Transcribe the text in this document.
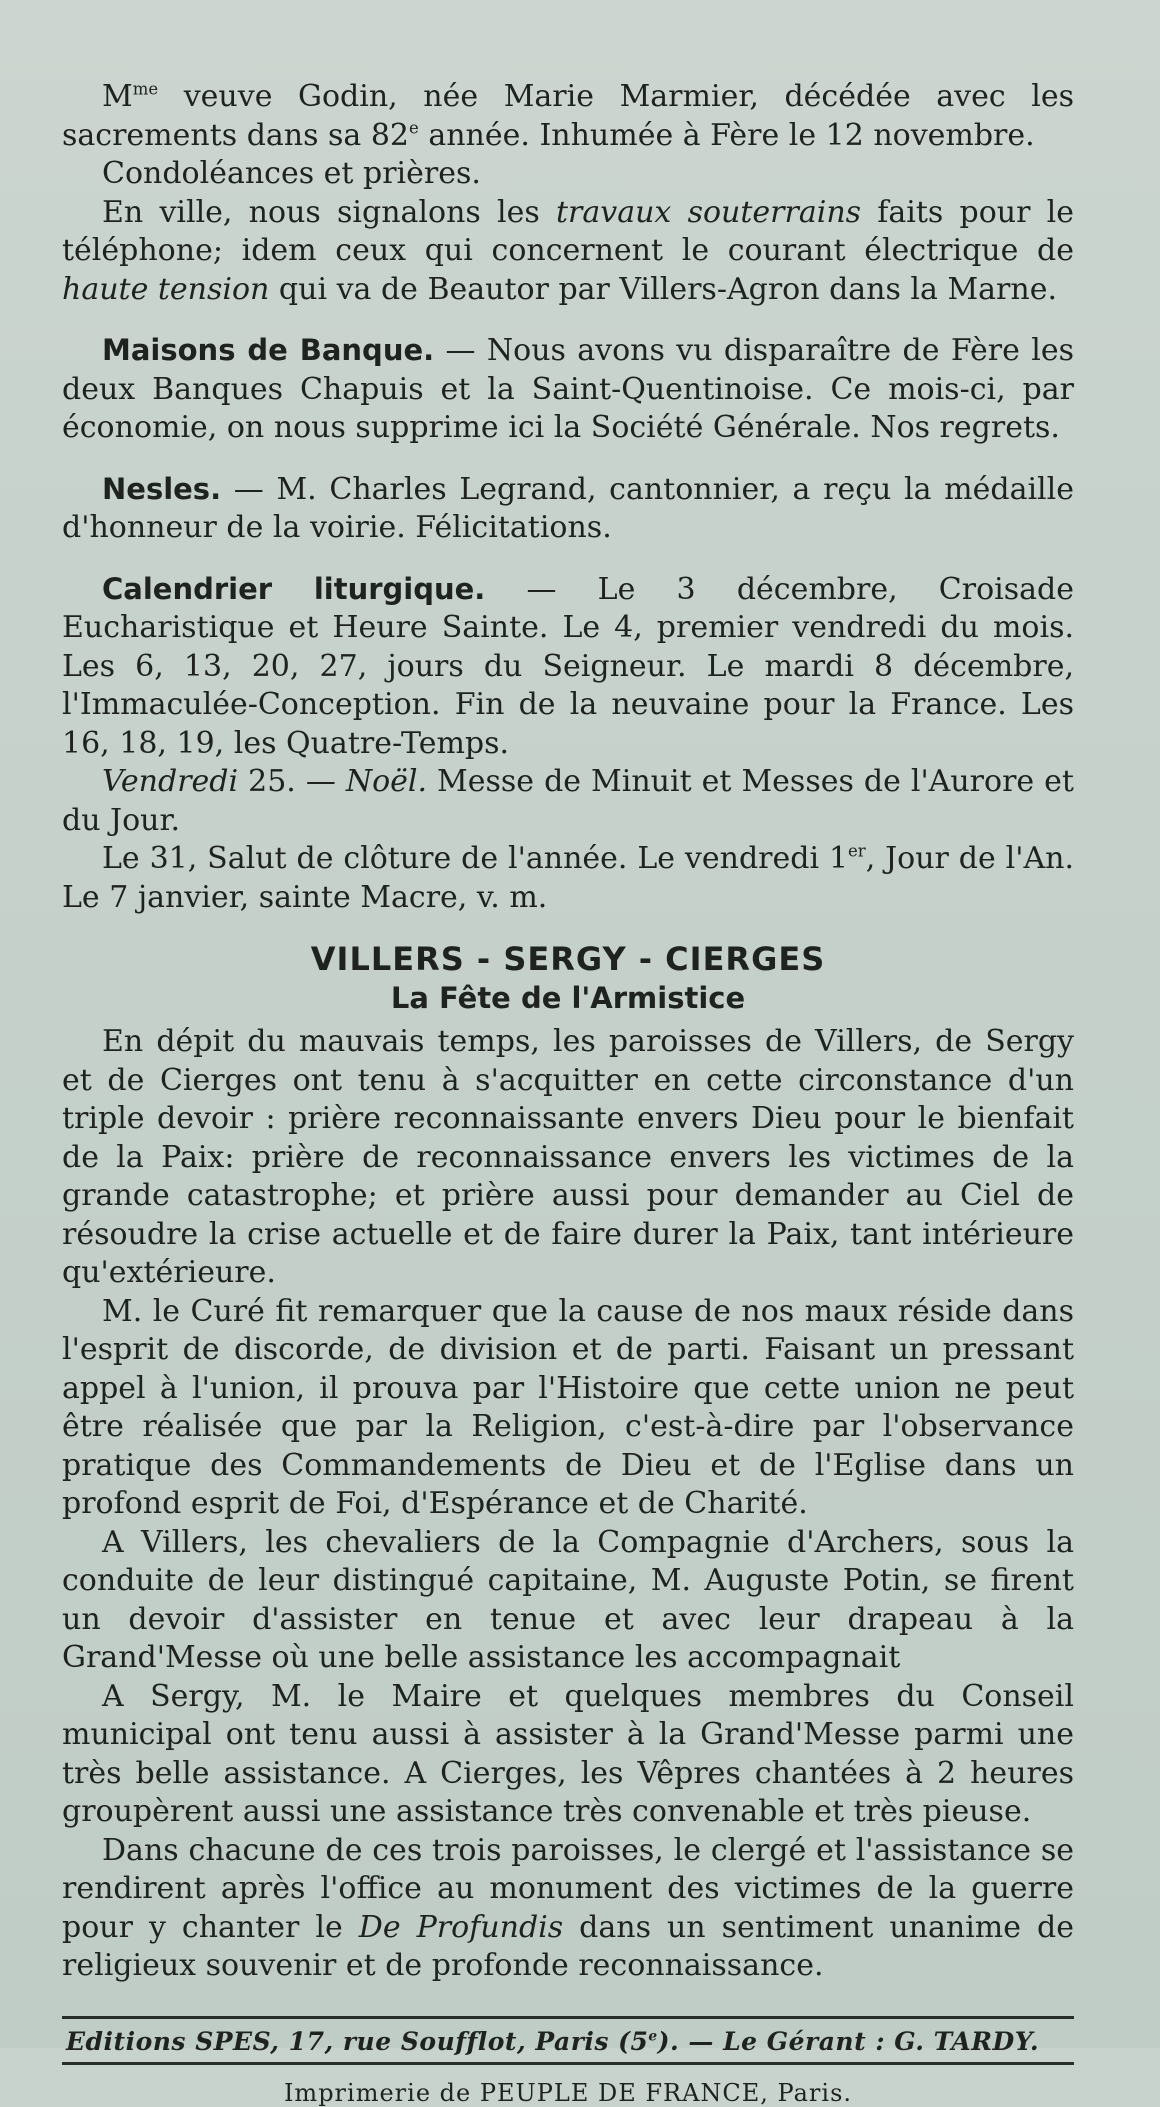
$M^{me}$ veuve Godin, née Marie Marmier, décédée avec les sacrements dans sa 82e année. Inhumée à Fère le 12 novembre.

Condoléances et prières.

En ville, nous signalons les travaux souterrains faits pour le téléphone; idem ceux qui concernent le courant électrique de haute tension qui va de Beautor par Villers-Agron dans la Marne.

Maisons de Banque. — Nous avons vu disparaître de Fère les deux Banques Chapuis et la Saint-Quentinoise. Ce mois-ci, par économie, on nous supprime ici la Société Générale. Nos regrets.

Nesles. — M. Charles Legrand, cantonnier, a reçu la médaille d'honneur de la voirie. Félicitations.

Calendrier liturgique. — Le 3 décembre, Croisade Eucharistique et Heure Sainte. Le 4, premier vendredi du mois. Les 6, 13, 20, 27, jours du Seigneur. Le mardi 8 décembre, l'Immaculée-Conception. Fin de la neuvaine pour la France. Les 16, 18, 19, les Quatre-Temps.

Vendredi 25. — Noël. Messe de Minuit et Messes de l'Aurore et du Jour.

Le 31, Salut de clôture de l'année. Le vendredi 1er, Jour de l'An. Le 7 janvier, sainte Macre, v. m.

VILLERS - SERGY - CIERGES
La Fête de l'Armistice

En dépit du mauvais temps, les paroisses de Villers, de Sergy et de Cierges ont tenu à s'acquitter en cette circonstance d'un triple devoir : prière reconnaissante envers Dieu pour le bienfait de la Paix: prière de reconnaissance envers les victimes de la grande catastrophe; et prière aussi pour demander au Ciel de résoudre la crise actuelle et de faire durer la Paix, tant intérieure qu'extérieure.

M. le Curé fit remarquer que la cause de nos maux réside dans l'esprit de discorde, de division et de parti. Faisant un pressant appel à l'union, il prouva par l'Histoire que cette union ne peut être réalisée que par la Religion, c'est-à-dire par l'observance pratique des Commandements de Dieu et de l'Eglise dans un profond esprit de Foi, d'Espérance et de Charité.

A Villers, les chevaliers de la Compagnie d'Archers, sous la conduite de leur distingué capitaine, M. Auguste Potin, se firent un devoir d'assister en tenue et avec leur drapeau à la Grand'Messe où une belle assistance les accompagnait

A Sergy, M. le Maire et quelques membres du Conseil municipal ont tenu aussi à assister à la Grand'Messe parmi une très belle assistance. A Cierges, les Vêpres chantées à 2 heures groupèrent aussi une assistance très convenable et très pieuse.

Dans chacune de ces trois paroisses, le clergé et l'assistance se rendirent après l'office au monument des victimes de la guerre pour y chanter le De Profundis dans un sentiment unanime de religieux souvenir et de profonde reconnaissance.

Editions SPES, 17, rue Soufflot, Paris (5e). — Le Gérant : G. TARDY.

Imprimerie de PEUPLE DE FRANCE, Paris.
